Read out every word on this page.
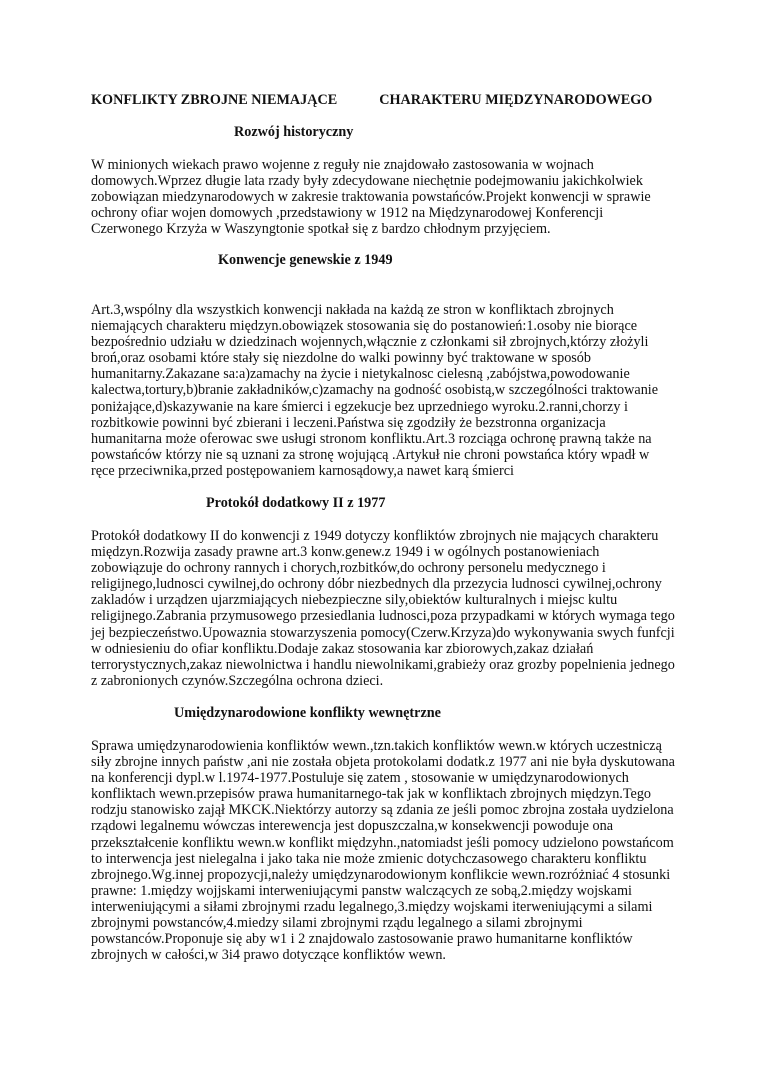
KONFLIKTY ZBROJNE NIEMAJĄCE	CHARAKTERU MIĘDZYNARODOWEGO
Rozwój historyczny
W minionych wiekach prawo wojenne z reguły nie znajdowało zastosowania w wojnach
domowych.Wprzez długie lata rzady były zdecydowane niechętnie podejmowaniu jakichkolwiek
zobowiązan miedzynarodowych w zakresie traktowania powstańców.Projekt konwencji w sprawie
ochrony ofiar wojen domowych ,przedstawiony w 1912 na Międzynarodowej Konferencji
Czerwonego Krzyża w Waszyngtonie spotkał się z bardzo chłodnym przyjęciem.
Konwencje genewskie z 1949
Art.3,wspólny dla wszystkich konwencji nakłada na każdą ze stron w konfliktach zbrojnych
niemających charakteru międzyn.obowiązek stosowania się do postanowień:1.osoby nie biorące
bezpośrednio udziału w dziedzinach wojennych,włącznie z członkami sił zbrojnych,którzy złożyli
broń,oraz osobami które stały się niezdolne do walki powinny być traktowane w sposób
humanitarny.Zakazane sa:a)zamachy na życie i nietykalnosc cielesną ,zabójstwa,powodowanie
kalectwa,tortury,b)branie zakładników,c)zamachy na godność osobistą,w szczególności traktowanie
poniżające,d)skazywanie na kare śmierci i egzekucje bez uprzedniego wyroku.2.ranni,chorzy i
rozbitkowie powinni być zbierani i leczeni.Państwa się zgodziły że bezstronna organizacja
humanitarna może oferowac swe usługi stronom konfliktu.Art.3 rozciąga ochronę prawną także na
powstańców którzy nie są uznani za stronę wojującą .Artykuł nie chroni powstańca który wpadł w
ręce przeciwnika,przed postępowaniem karnosądowy,a nawet karą śmierci
Protokół dodatkowy II z 1977
Protokół dodatkowy II do konwencji z 1949 dotyczy konfliktów zbrojnych nie mających charakteru
międzyn.Rozwija zasady prawne art.3 konw.genew.z 1949 i w ogólnych postanowieniach
zobowiązuje do ochrony rannych i chorych,rozbitków,do ochrony personelu medycznego i
religijnego,ludnosci cywilnej,do ochrony dóbr niezbednych dla przezycia ludnosci cywilnej,ochrony
zakladów i urządzen ujarzmiających niebezpieczne sily,obiektów kulturalnych i miejsc kultu
religijnego.Zabrania przymusowego przesiedlania ludnosci,poza przypadkami w których wymaga tego
jej bezpieczeństwo.Upowaznia stowarzyszenia pomocy(Czerw.Krzyza)do wykonywania swych funfcji
w odniesieniu do ofiar konfliktu.Dodaje zakaz stosowania kar zbiorowych,zakaz działań
terrorystycznych,zakaz niewolnictwa i handlu niewolnikami,grabieży oraz grozby popelnienia jednego
z zabronionych czynów.Szczególna ochrona dzieci.
Umiędzynarodowione konflikty wewnętrzne
Sprawa umiędzynarodowienia konfliktów wewn.,tzn.takich konfliktów wewn.w których uczestniczą
siły zbrojne innych państw ,ani nie została objeta protokolami dodatk.z 1977 ani nie była dyskutowana
na konferencji dypl.w l.1974-1977.Postuluje się zatem , stosowanie w umiędzynarodowionych
konfliktach wewn.przepisów prawa humanitarnego-tak jak w konfliktach zbrojnych międzyn.Tego
rodzju stanowisko zajął MKCK.Niektórzy autorzy są zdania ze jeśli pomoc zbrojna została uydzielona
rządowi legalnemu wówczas interewencja jest dopuszczalna,w konsekwencji powoduje ona
przekształcenie konfliktu wewn.w konflikt międzyhn.,natomiadst jeśli pomocy udzielono powstańcom
to interwencja jest nielegalna i jako taka nie może zmienic dotychczasowego charakteru konfliktu
zbrojnego.Wg.innej propozycji,należy umiędzynarodowionym konflikcie wewn.rozróżniać 4 stosunki
prawne: 1.między wojjskami interweniującymi panstw walczących ze sobą,2.między wojskami
interweniującymi a siłami zbrojnymi rzadu legalnego,3.między wojskami iterweniującymi a silami
zbrojnymi powstanców,4.miedzy silami zbrojnymi rządu legalnego a silami zbrojnymi
powstanców.Proponuje się aby w1 i 2 znajdowalo zastosowanie prawo humanitarne konfliktów
zbrojnych w całości,w 3i4 prawo dotyczące konfliktów wewn.
